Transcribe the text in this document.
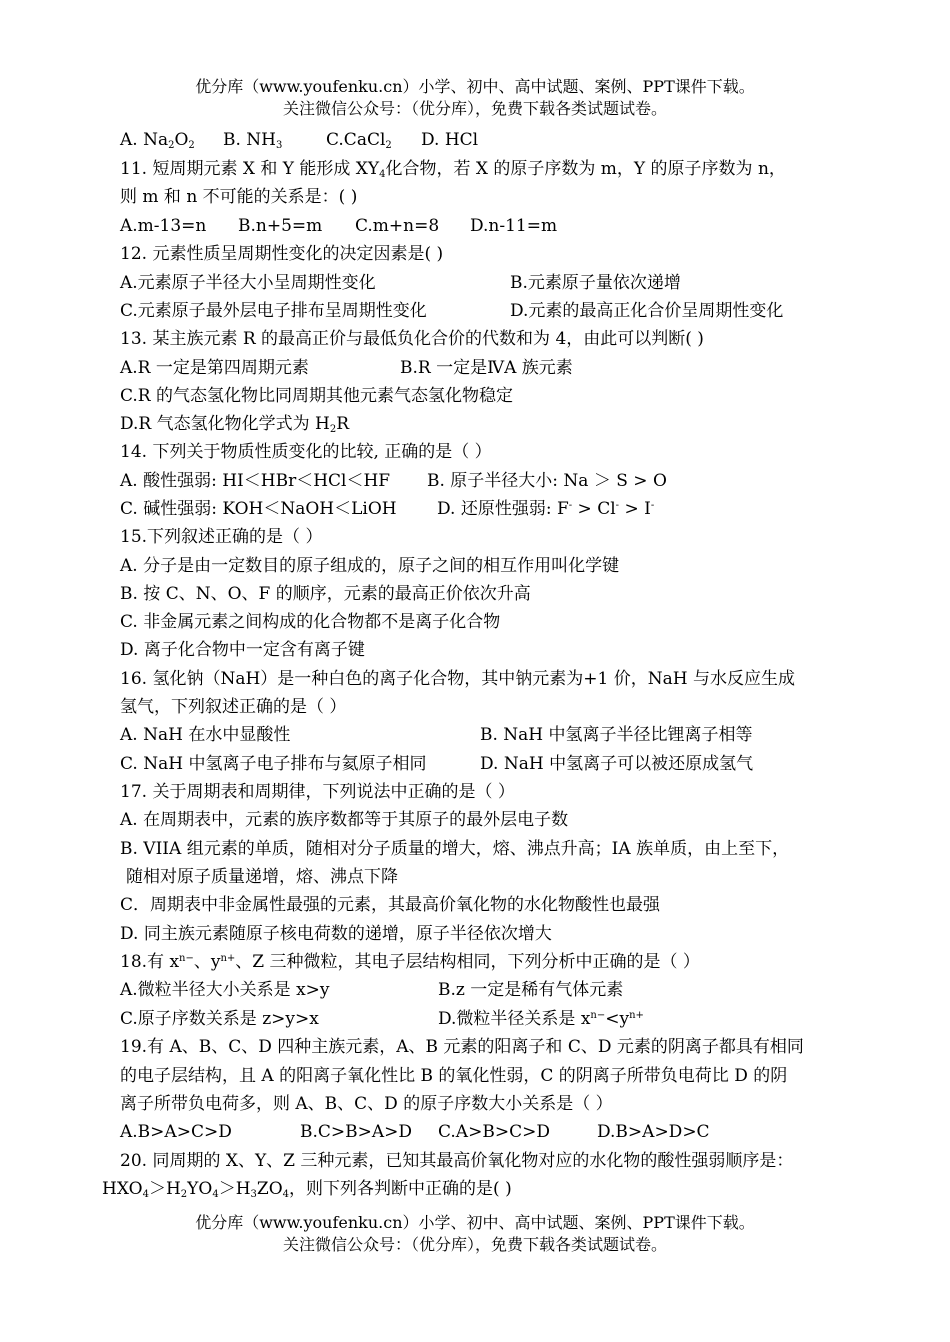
优分库（www.youfenku.cn）小学、初中、高中试题、案例、PPT课件下载。
关注微信公众号：（优分库），免费下载各类试题试卷。
A. $Na_2O_2$ B. $NH_3$	C.CaCl$_2$ D. HCl
11. 短周期元素 X 和 Y 能形成 $XY_4$化合物，若 X 的原子序数为 m，Y 的原子序数为 n，
则 m 和 n 不可能的关系是：( )
A.m-13=n B.n+5=m C.m+n=8 D.n-11=m
12. 元素性质呈周期性变化的决定因素是( )
A.元素原子半径大小呈周期性变化	B.元素原子量依次递增
C.元素原子最外层电子排布呈周期性变化	D.元素的最高正化合价呈周期性变化
13. 某主族元素 R 的最高正价与最低负化合价的代数和为 4，由此可以判断( )
A.R 一定是第四周期元素	B.R 一定是ⅣA 族元素
C.R 的气态氢化物比同周期其他元素气态氢化物稳定
D.R 气态氢化物化学式为 $H_2R$
14. 下列关于物质性质变化的比较, 正确的是（ ）
A. 酸性强弱: HI＜HBr＜HCl＜HF B. 原子半径大小: Na ＞ S > O
C. 碱性强弱: KOH＜NaOH＜LiOH D. 还原性强弱: F- > Cl- > I-
15.下列叙述正确的是（ ）
A. 分子是由一定数目的原子组成的，原子之间的相互作用叫化学键
B. 按 C、N、O、F 的顺序，元素的最高正价依次升高
C. 非金属元素之间构成的化合物都不是离子化合物
D. 离子化合物中一定含有离子键
16. 氢化钠（NaH）是一种白色的离子化合物，其中钠元素为+1 价，NaH 与水反应生成
氢气，下列叙述正确的是（ ）
A. NaH 在水中显酸性	B. NaH 中氢离子半径比锂离子相等
C. NaH 中氢离子电子排布与氦原子相同	D. NaH 中氢离子可以被还原成氢气
17. 关于周期表和周期律，下列说法中正确的是（ ）
A. 在周期表中，元素的族序数都等于其原子的最外层电子数
B. VIIA 组元素的单质，随相对分子质量的增大，熔、沸点升高；IA 族单质，由上至下，
随相对原子质量递增，熔、沸点下降
C．周期表中非金属性最强的元素，其最高价氧化物的水化物酸性也最强
D. 同主族元素随原子核电荷数的递增，原子半径依次增大
18.有 $x^{n-}$、$y^{n+}$、Z 三种微粒，其电子层结构相同，下列分析中正确的是（ ）
A.微粒半径大小关系是 x>y	B.z 一定是稀有气体元素
C.原子序数关系是 z>y>x	D.微粒半径关系是 $x^{n-}<y^{n+}$
19.有 A、B、C、D 四种主族元素，A、B 元素的阳离子和 C、D 元素的阴离子都具有相同
的电子层结构，且 A 的阳离子氧化性比 B 的氧化性弱，C 的阴离子所带负电荷比 D 的阴
离子所带负电荷多，则 A、B、C、D 的原子序数大小关系是（ ）
A.B>A>C>D	B.C>B>A>D C.A>B>C>D	D.B>A>D>C
20. 同周期的 X、Y、Z 三种元素，已知其最高价氧化物对应的水化物的酸性强弱顺序是：
$HXO_4>H_2YO_4>H_3ZO_4$，则下列各判断中正确的是( )
优分库（www.youfenku.cn）小学、初中、高中试题、案例、PPT课件下载。
关注微信公众号：（优分库），免费下载各类试题试卷。
